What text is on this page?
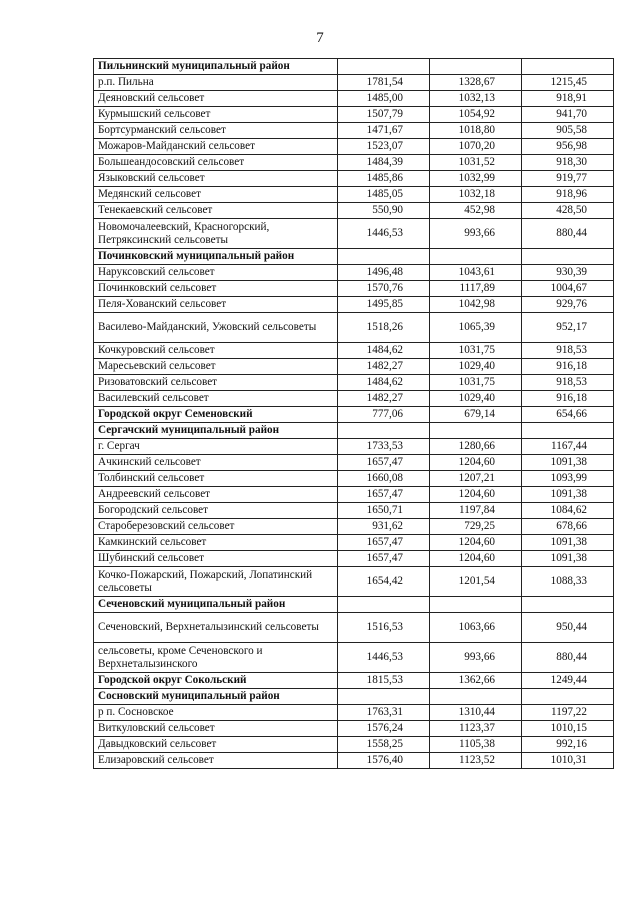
7
Пильнинский муниципальный район			
р.п. Пильна	1781,54	1328,67	1215,45
Деяновский сельсовет	1485,00	1032,13	918,91
Курмышский сельсовет	1507,79	1054,92	941,70
Бортсурманский сельсовет	1471,67	1018,80	905,58
Можаров-Майданский сельсовет	1523,07	1070,20	956,98
Большеандосовский сельсовет	1484,39	1031,52	918,30
Языковский сельсовет	1485,86	1032,99	919,77
Медянский сельсовет	1485,05	1032,18	918,96
Тенекаевский сельсовет	550,90	452,98	428,50
Новомочалеевский, Красногорский, Петряксинский сельсоветы	1446,53	993,66	880,44
Починковский муниципальный район			
Наруксовский сельсовет	1496,48	1043,61	930,39
Починковский сельсовет	1570,76	1117,89	1004,67
Пеля-Хованский сельсовет	1495,85	1042,98	929,76
Василево-Майданский, Ужовский сельсоветы	1518,26	1065,39	952,17
Кочкуровский сельсовет	1484,62	1031,75	918,53
Маресьевский сельсовет	1482,27	1029,40	916,18
Ризоватовский сельсовет	1484,62	1031,75	918,53
Василевский сельсовет	1482,27	1029,40	916,18
Городской округ Семеновский	777,06	679,14	654,66
Сергачский муниципальный район			
г. Сергач	1733,53	1280,66	1167,44
Ачкинский сельсовет	1657,47	1204,60	1091,38
Толбинский сельсовет	1660,08	1207,21	1093,99
Андреевский сельсовет	1657,47	1204,60	1091,38
Богородский сельсовет	1650,71	1197,84	1084,62
Староберезовский сельсовет	931,62	729,25	678,66
Камкинский сельсовет	1657,47	1204,60	1091,38
Шубинский сельсовет	1657,47	1204,60	1091,38
Кочко-Пожарский, Пожарский, Лопатинский сельсоветы	1654,42	1201,54	1088,33
Сеченовский муниципальный район			
Сеченовский, Верхнеталызинский сельсоветы	1516,53	1063,66	950,44
сельсоветы, кроме Сеченовского и Верхнеталызинского	1446,53	993,66	880,44
Городской округ Сокольский	1815,53	1362,66	1249,44
Сосновский муниципальный район			
р п. Сосновское	1763,31	1310,44	1197,22
Виткуловский сельсовет	1576,24	1123,37	1010,15
Давыдковский сельсовет	1558,25	1105,38	992,16
Елизаровский сельсовет	1576,40	1123,52	1010,31
